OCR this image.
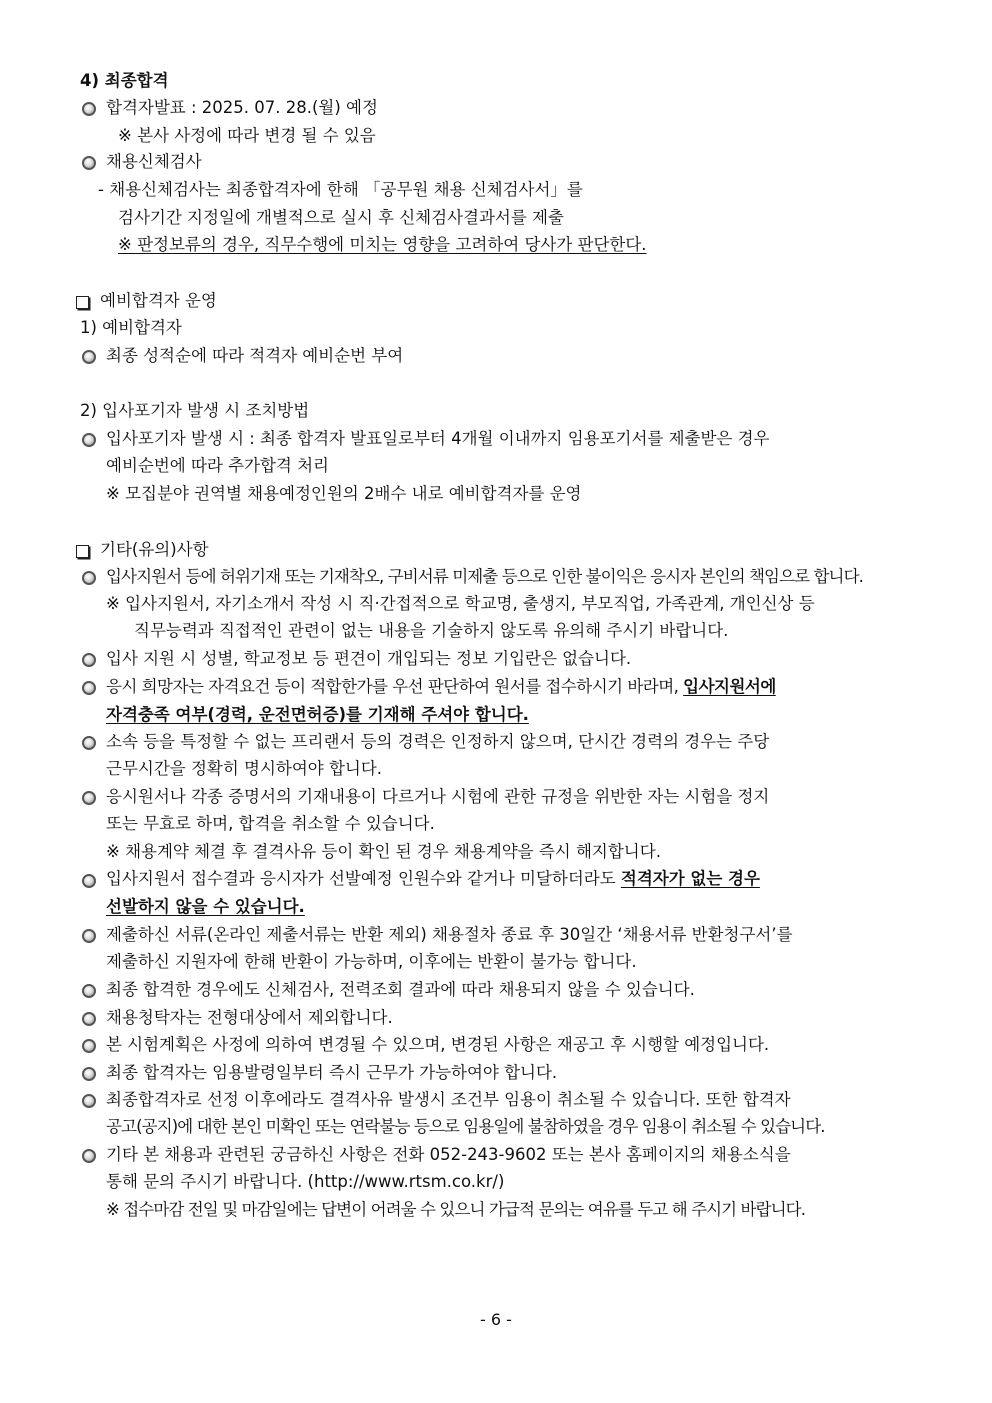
4) 최종합격
합격자발표 : 2025. 07. 28.(월) 예정
※ 본사 사정에 따라 변경 될 수 있음
채용신체검사
- 채용신체검사는 최종합격자에 한해 「공무원 채용 신체검사서」를
검사기간 지정일에 개별적으로 실시 후 신체검사결과서를 제출
※ 판정보류의 경우, 직무수행에 미치는 영향을 고려하여 당사가 판단한다.
예비합격자 운영
1) 예비합격자
최종 성적순에 따라 적격자 예비순번 부여
2) 입사포기자 발생 시 조치방법
입사포기자 발생 시 : 최종 합격자 발표일로부터 4개월 이내까지 임용포기서를 제출받은 경우
예비순번에 따라 추가합격 처리
※ 모집분야 권역별 채용예정인원의 2배수 내로 예비합격자를 운영
기타(유의)사항
입사지원서 등에 허위기재 또는 기재착오, 구비서류 미제출 등으로 인한 불이익은 응시자 본인의 책임으로 합니다.
※ 입사지원서, 자기소개서 작성 시 직·간접적으로 학교명, 출생지, 부모직업, 가족관계, 개인신상 등
직무능력과 직접적인 관련이 없는 내용을 기술하지 않도록 유의해 주시기 바랍니다.
입사 지원 시 성별, 학교정보 등 편견이 개입되는 정보 기입란은 없습니다.
응시 희망자는 자격요건 등이 적합한가를 우선 판단하여 원서를 접수하시기 바라며, 입사지원서에
자격충족 여부(경력, 운전면허증)를 기재해 주셔야 합니다.
소속 등을 특정할 수 없는 프리랜서 등의 경력은 인정하지 않으며, 단시간 경력의 경우는 주당
근무시간을 정확히 명시하여야 합니다.
응시원서나 각종 증명서의 기재내용이 다르거나 시험에 관한 규정을 위반한 자는 시험을 정지
또는 무효로 하며, 합격을 취소할 수 있습니다.
※ 채용계약 체결 후 결격사유 등이 확인 된 경우 채용계약을 즉시 해지합니다.
입사지원서 접수결과 응시자가 선발예정 인원수와 같거나 미달하더라도 적격자가 없는 경우
선발하지 않을 수 있습니다.
제출하신 서류(온라인 제출서류는 반환 제외) 채용절차 종료 후 30일간 ‘채용서류 반환청구서’를
제출하신 지원자에 한해 반환이 가능하며, 이후에는 반환이 불가능 합니다.
최종 합격한 경우에도 신체검사, 전력조회 결과에 따라 채용되지 않을 수 있습니다.
채용청탁자는 전형대상에서 제외합니다.
본 시험계획은 사정에 의하여 변경될 수 있으며, 변경된 사항은 재공고 후 시행할 예정입니다.
최종 합격자는 임용발령일부터 즉시 근무가 가능하여야 합니다.
최종합격자로 선정 이후에라도 결격사유 발생시 조건부 임용이 취소될 수 있습니다. 또한 합격자
공고(공지)에 대한 본인 미확인 또는 연락불능 등으로 임용일에 불참하였을 경우 임용이 취소될 수 있습니다.
기타 본 채용과 관련된 궁금하신 사항은 전화 052-243-9602 또는 본사 홈페이지의 채용소식을
통해 문의 주시기 바랍니다. (http://www.rtsm.co.kr/)
※ 접수마감 전일 및 마감일에는 답변이 어려울 수 있으니 가급적 문의는 여유를 두고 해 주시기 바랍니다.
- 6 -
